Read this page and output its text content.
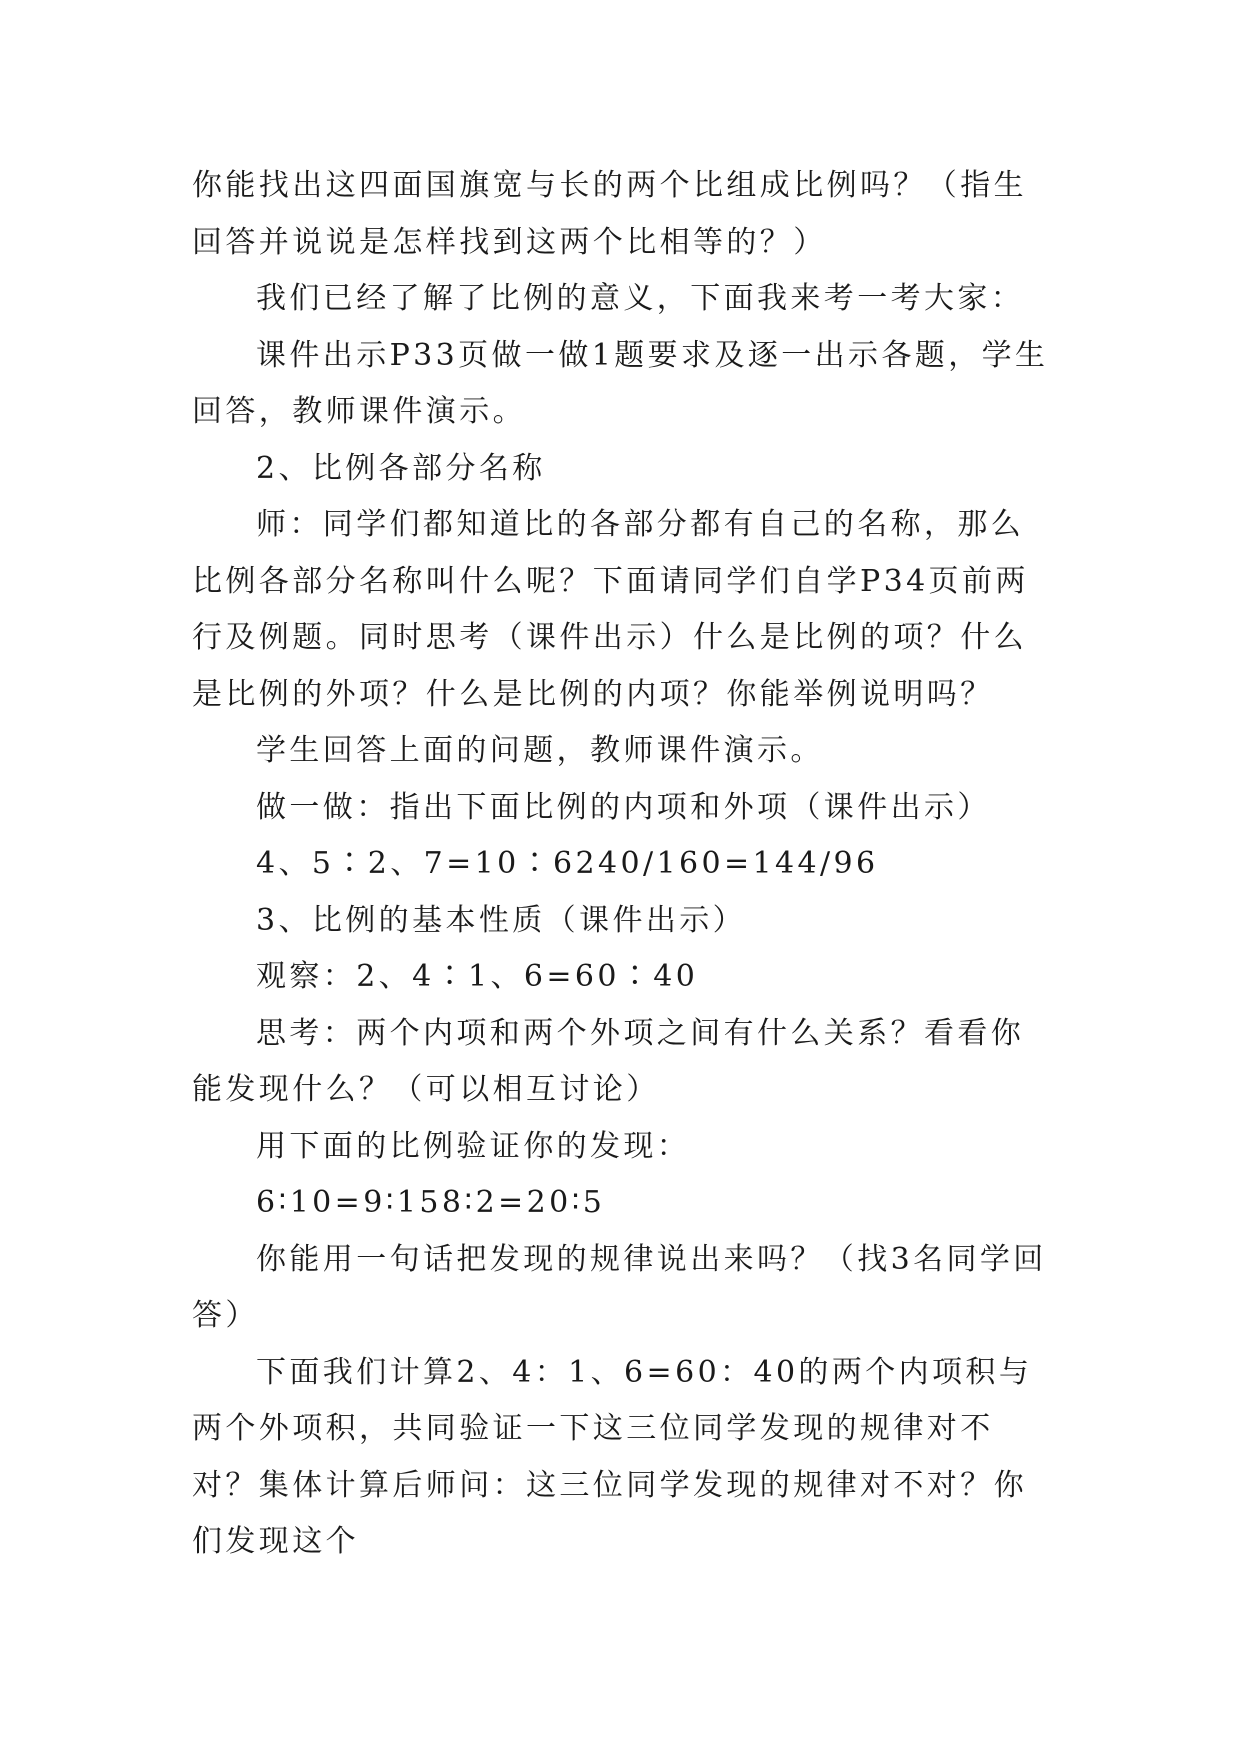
你能找出这四面国旗宽与长的两个比组成比例吗？（指生回答并说说是怎样找到这两个比相等的？）

我们已经了解了比例的意义，下面我来考一考大家：

课件出示P33页做一做1题要求及逐一出示各题，学生回答，教师课件演示。

2、比例各部分名称

师：同学们都知道比的各部分都有自己的名称，那么比例各部分名称叫什么呢？下面请同学们自学P34页前两行及例题。同时思考（课件出示）什么是比例的项？什么是比例的外项？什么是比例的内项？你能举例说明吗？

学生回答上面的问题，教师课件演示。

做一做：指出下面比例的内项和外项（课件出示）

4、5∶2、7=10∶6240/160=144/96

3、比例的基本性质（课件出示）

观察：2、4∶1、6=60∶40

思考：两个内项和两个外项之间有什么关系？看看你能发现什么？（可以相互讨论）

用下面的比例验证你的发现：

6∶10=9∶158∶2=20∶5

你能用一句话把发现的规律说出来吗？（找3名同学回答）

下面我们计算2、4：1、6=60：40的两个内项积与两个外项积，共同验证一下这三位同学发现的规律对不对？集体计算后师问：这三位同学发现的规律对不对？你们发现这个
